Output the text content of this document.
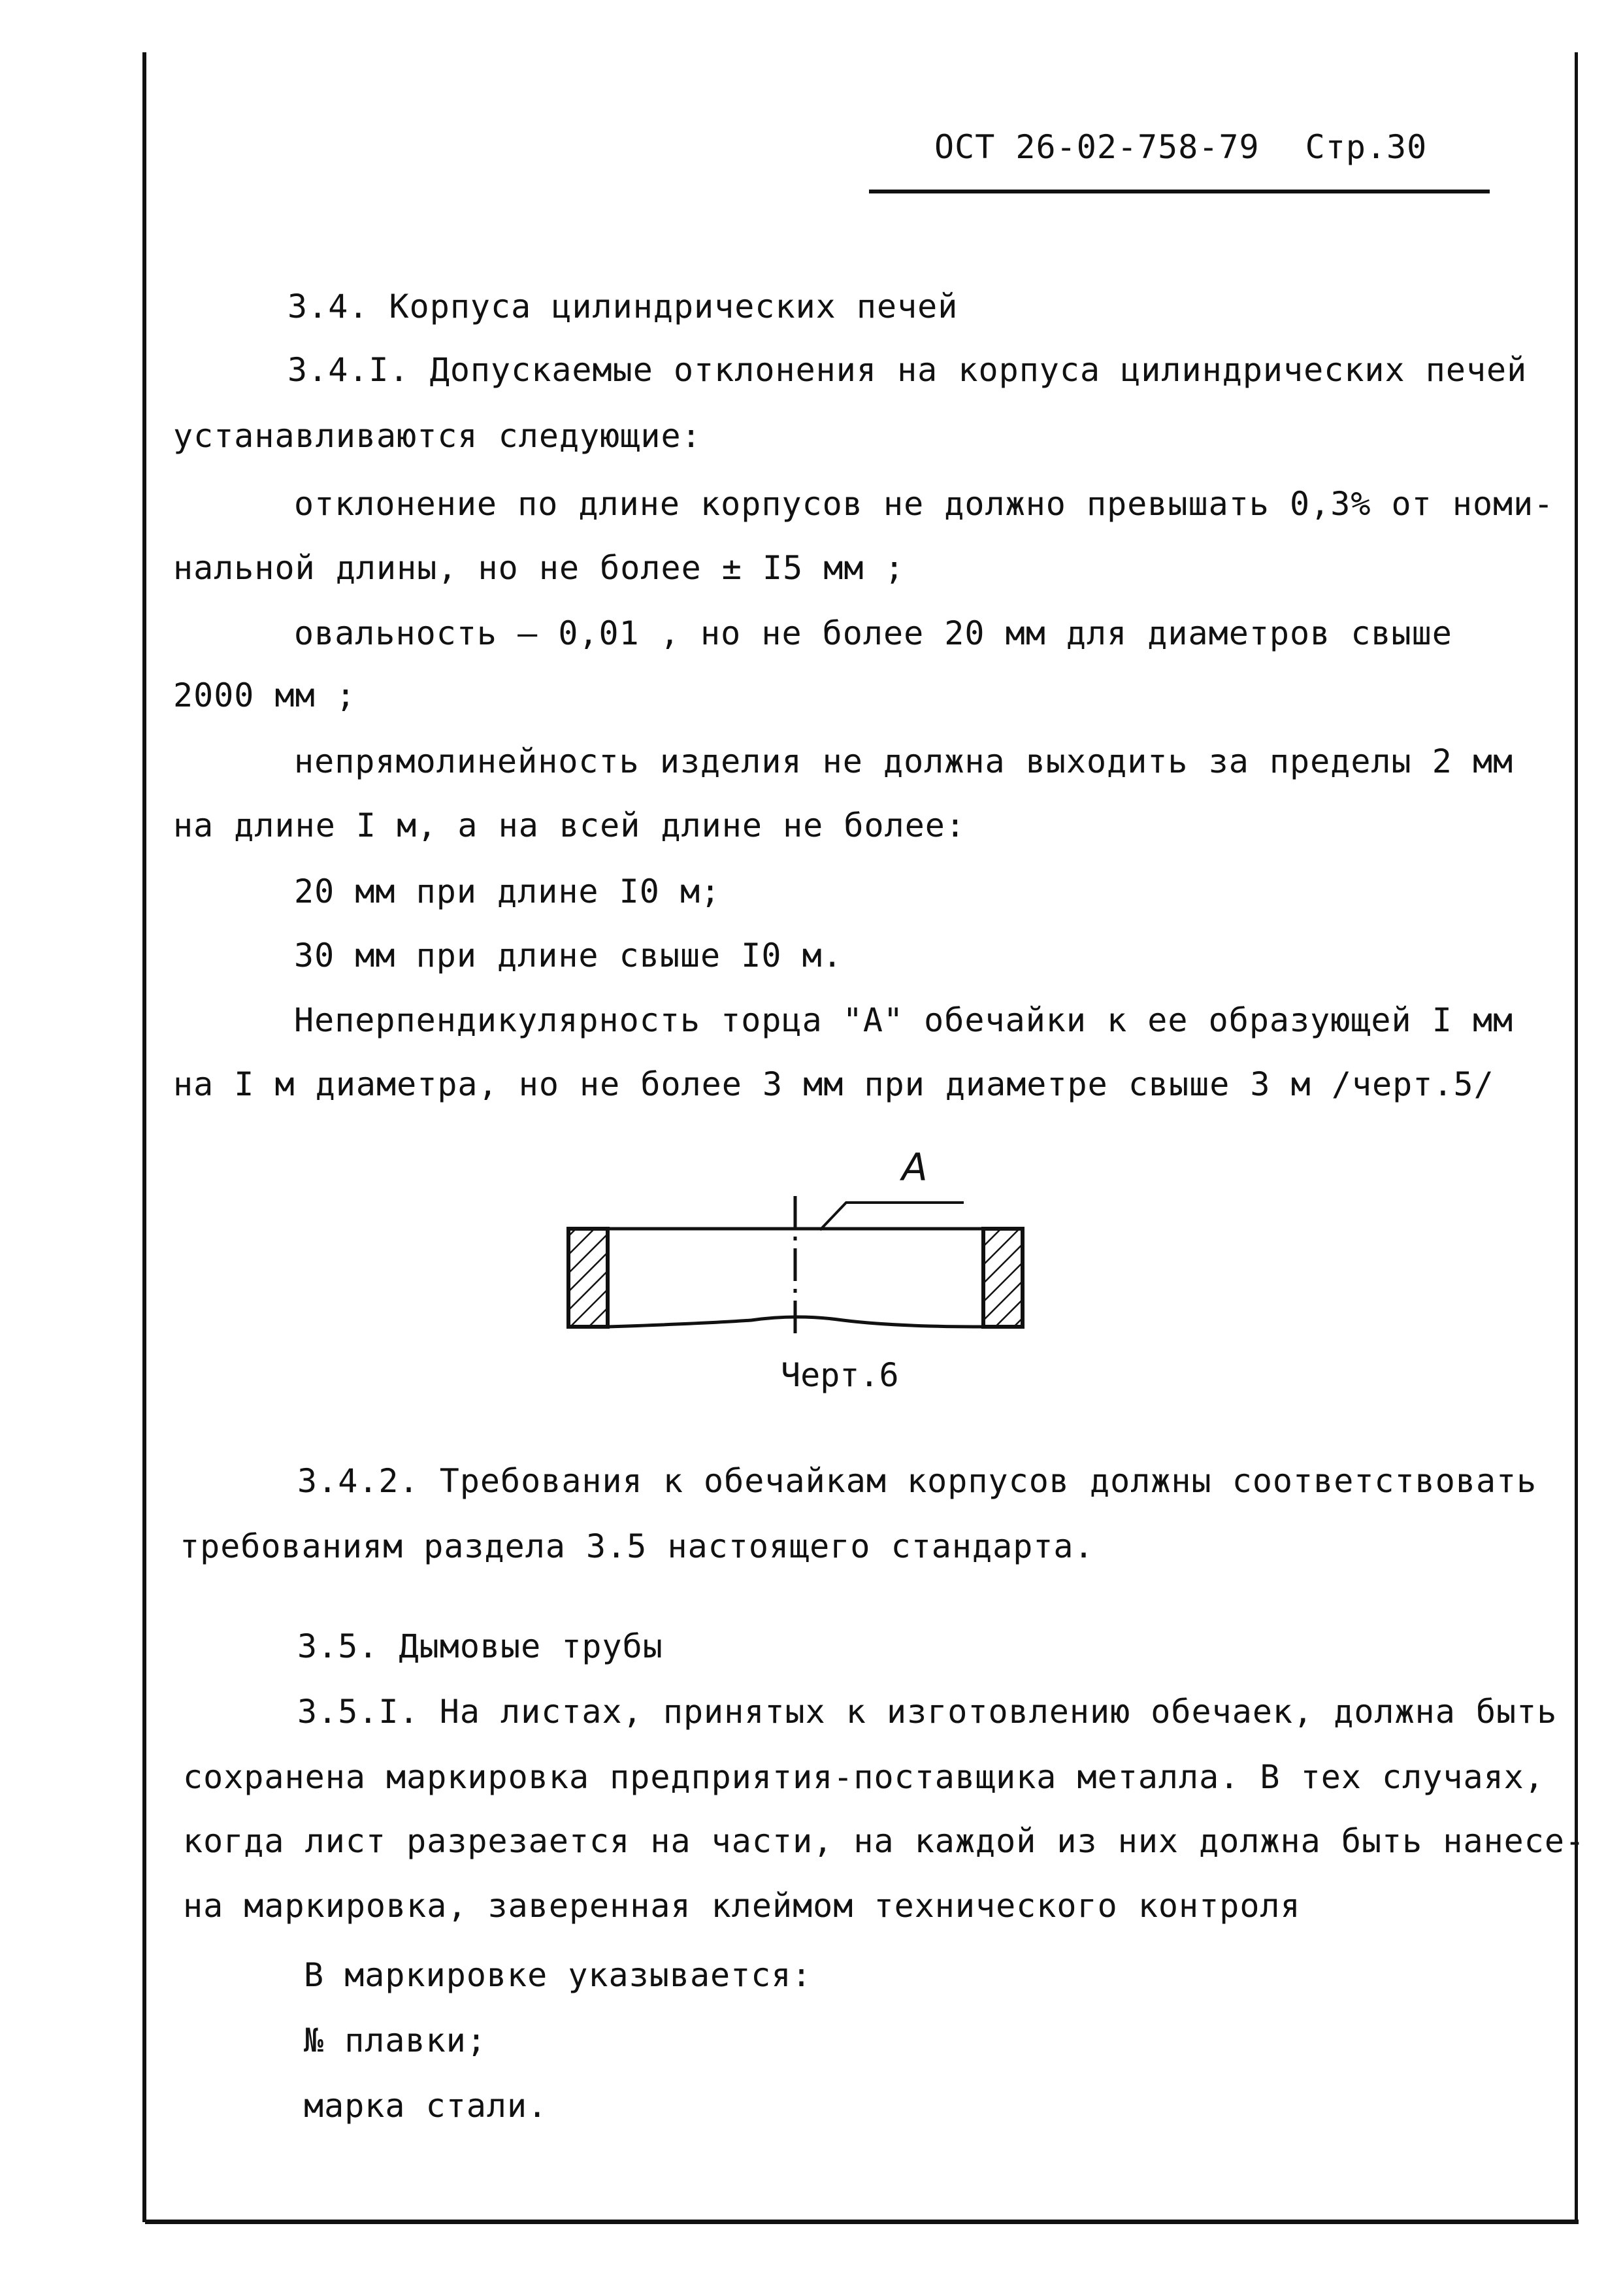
ОСТ 26-02-758-79 Стр.30
3.4. Корпуса цилиндрических печей
3.4.I. Допускаемые отклонения на корпуса цилиндрических печей
устанавливаются следующие:
отклонение по длине корпусов не должно превышать 0,3% от номи-
нальной длины, но не более ± I5 мм ;
овальность – 0,01 , но не более 20 мм для диаметров свыше
2000 мм ;
непрямолинейность изделия не должна выходить за пределы 2 мм
на длине I м, а на всей длине не более:
20 мм при длине I0 м;
30 мм при длине свыше I0 м.
Неперпендикулярность торца "А" обечайки к ее образующей I мм
на I м диаметра, но не более 3 мм при диаметре свыше 3 м /черт.5/
А
Черт.6
3.4.2. Требования к обечайкам корпусов должны соответствовать
требованиям раздела 3.5 настоящего стандарта.
3.5. Дымовые трубы
3.5.I. На листах, принятых к изготовлению обечаек, должна быть
сохранена маркировка предприятия-поставщика металла. В тех случаях,
когда лист разрезается на части, на каждой из них должна быть нанесе-
на маркировка, заверенная клеймом технического контроля
В маркировке указывается:
№ плавки;
марка стали.
